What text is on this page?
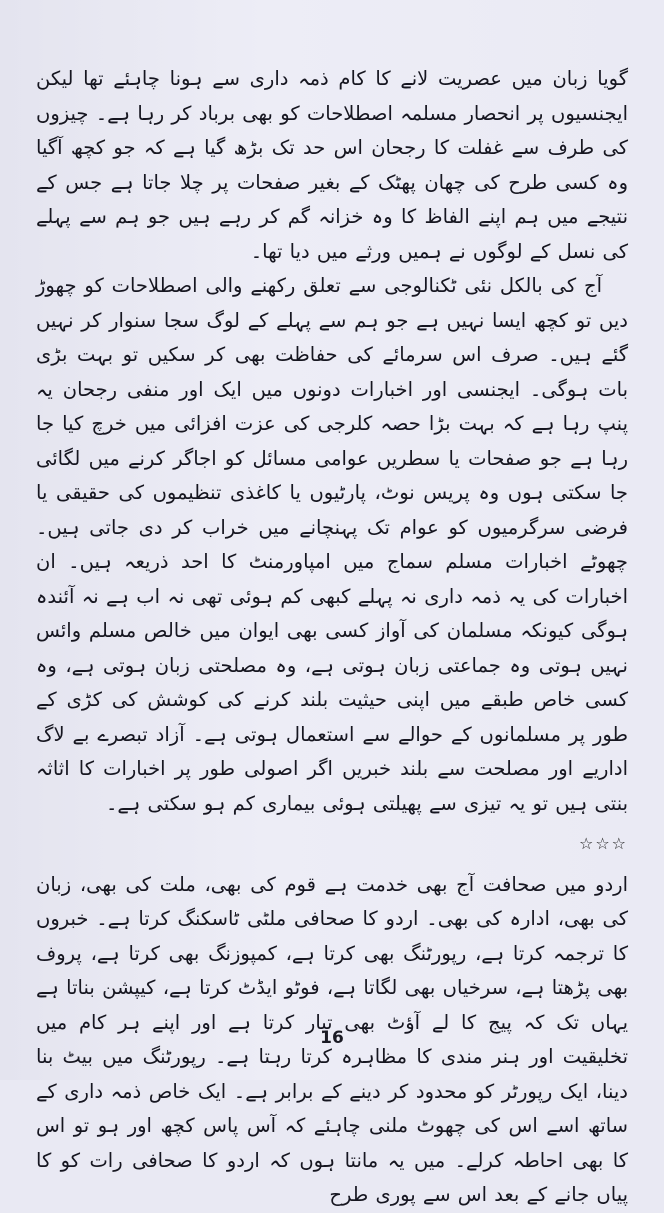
گویا زبان میں عصریت لانے کا کام ذمہ داری سے ہونا چاہئے تھا لیکن ایجنسیوں پر انحصار مسلمہ اصطلاحات کو بھی برباد کر رہا ہے۔ چیزوں کی طرف سے غفلت کا رجحان اس حد تک بڑھ گیا ہے کہ جو کچھ آگیا وہ کسی طرح کی چھان پھٹک کے بغیر صفحات پر چلا جاتا ہے جس کے نتیجے میں ہم اپنے الفاظ کا وہ خزانہ گم کر رہے ہیں جو ہم سے پہلے کی نسل کے لوگوں نے ہمیں ورثے میں دیا تھا۔

آج کی بالکل نئی ٹکنالوجی سے تعلق رکھنے والی اصطلاحات کو چھوڑ دیں تو کچھ ایسا نہیں ہے جو ہم سے پہلے کے لوگ سجا سنوار کر نہیں گئے ہیں۔ صرف اس سرمائے کی حفاظت بھی کر سکیں تو بہت بڑی بات ہوگی۔ ایجنسی اور اخبارات دونوں میں ایک اور منفی رجحان یہ پنپ رہا ہے کہ بہت بڑا حصہ کلرجی کی عزت افزائی میں خرچ کیا جا رہا ہے جو صفحات یا سطریں عوامی مسائل کو اجاگر کرنے میں لگائی جا سکتی ہوں وہ پریس نوٹ، پارٹیوں یا کاغذی تنظیموں کی حقیقی یا فرضی سرگرمیوں کو عوام تک پہنچانے میں خراب کر دی جاتی ہیں۔ چھوٹے اخبارات مسلم سماج میں امپاورمنٹ کا احد ذریعہ ہیں۔ ان اخبارات کی یہ ذمہ داری نہ پہلے کبھی کم ہوئی تھی نہ اب ہے نہ آئندہ ہوگی کیونکہ مسلمان کی آواز کسی بھی ایوان میں خالص مسلم وائس نہیں ہوتی وہ جماعتی زبان ہوتی ہے، وہ مصلحتی زبان ہوتی ہے، وہ کسی خاص طبقے میں اپنی حیثیت بلند کرنے کی کوشش کی کڑی کے طور پر مسلمانوں کے حوالے سے استعمال ہوتی ہے۔ آزاد تبصرے بے لاگ اداریے اور مصلحت سے بلند خبریں اگر اصولی طور پر اخبارات کا اثاثہ بنتی ہیں تو یہ تیزی سے پھیلتی ہوئی بیماری کم ہو سکتی ہے۔

☆☆☆

اردو میں صحافت آج بھی خدمت ہے قوم کی بھی، ملت کی بھی، زبان کی بھی، ادارہ کی بھی۔ اردو کا صحافی ملٹی ٹاسکنگ کرتا ہے۔ خبروں کا ترجمہ کرتا ہے، رپورٹنگ بھی کرتا ہے، کمپوزنگ بھی کرتا ہے، پروف بھی پڑھتا ہے، سرخیاں بھی لگاتا ہے، فوٹو ایڈٹ کرتا ہے، کیپشن بناتا ہے یہاں تک کہ پیج کا لے آؤٹ بھی تیار کرتا ہے اور اپنے ہر کام میں تخلیقیت اور ہنر مندی کا مظاہرہ کرتا رہتا ہے۔ رپورٹنگ میں بیٹ بنا دینا، ایک رپورٹر کو محدود کر دینے کے برابر ہے۔ ایک خاص ذمہ داری کے ساتھ اسے اس کی چھوٹ ملنی چاہئے کہ آس پاس کچھ اور ہو تو اس کا بھی احاطہ کرلے۔ میں یہ مانتا ہوں کہ اردو کا صحافی رات کو کا پیاں جانے کے بعد اس سے پوری طرح

16
